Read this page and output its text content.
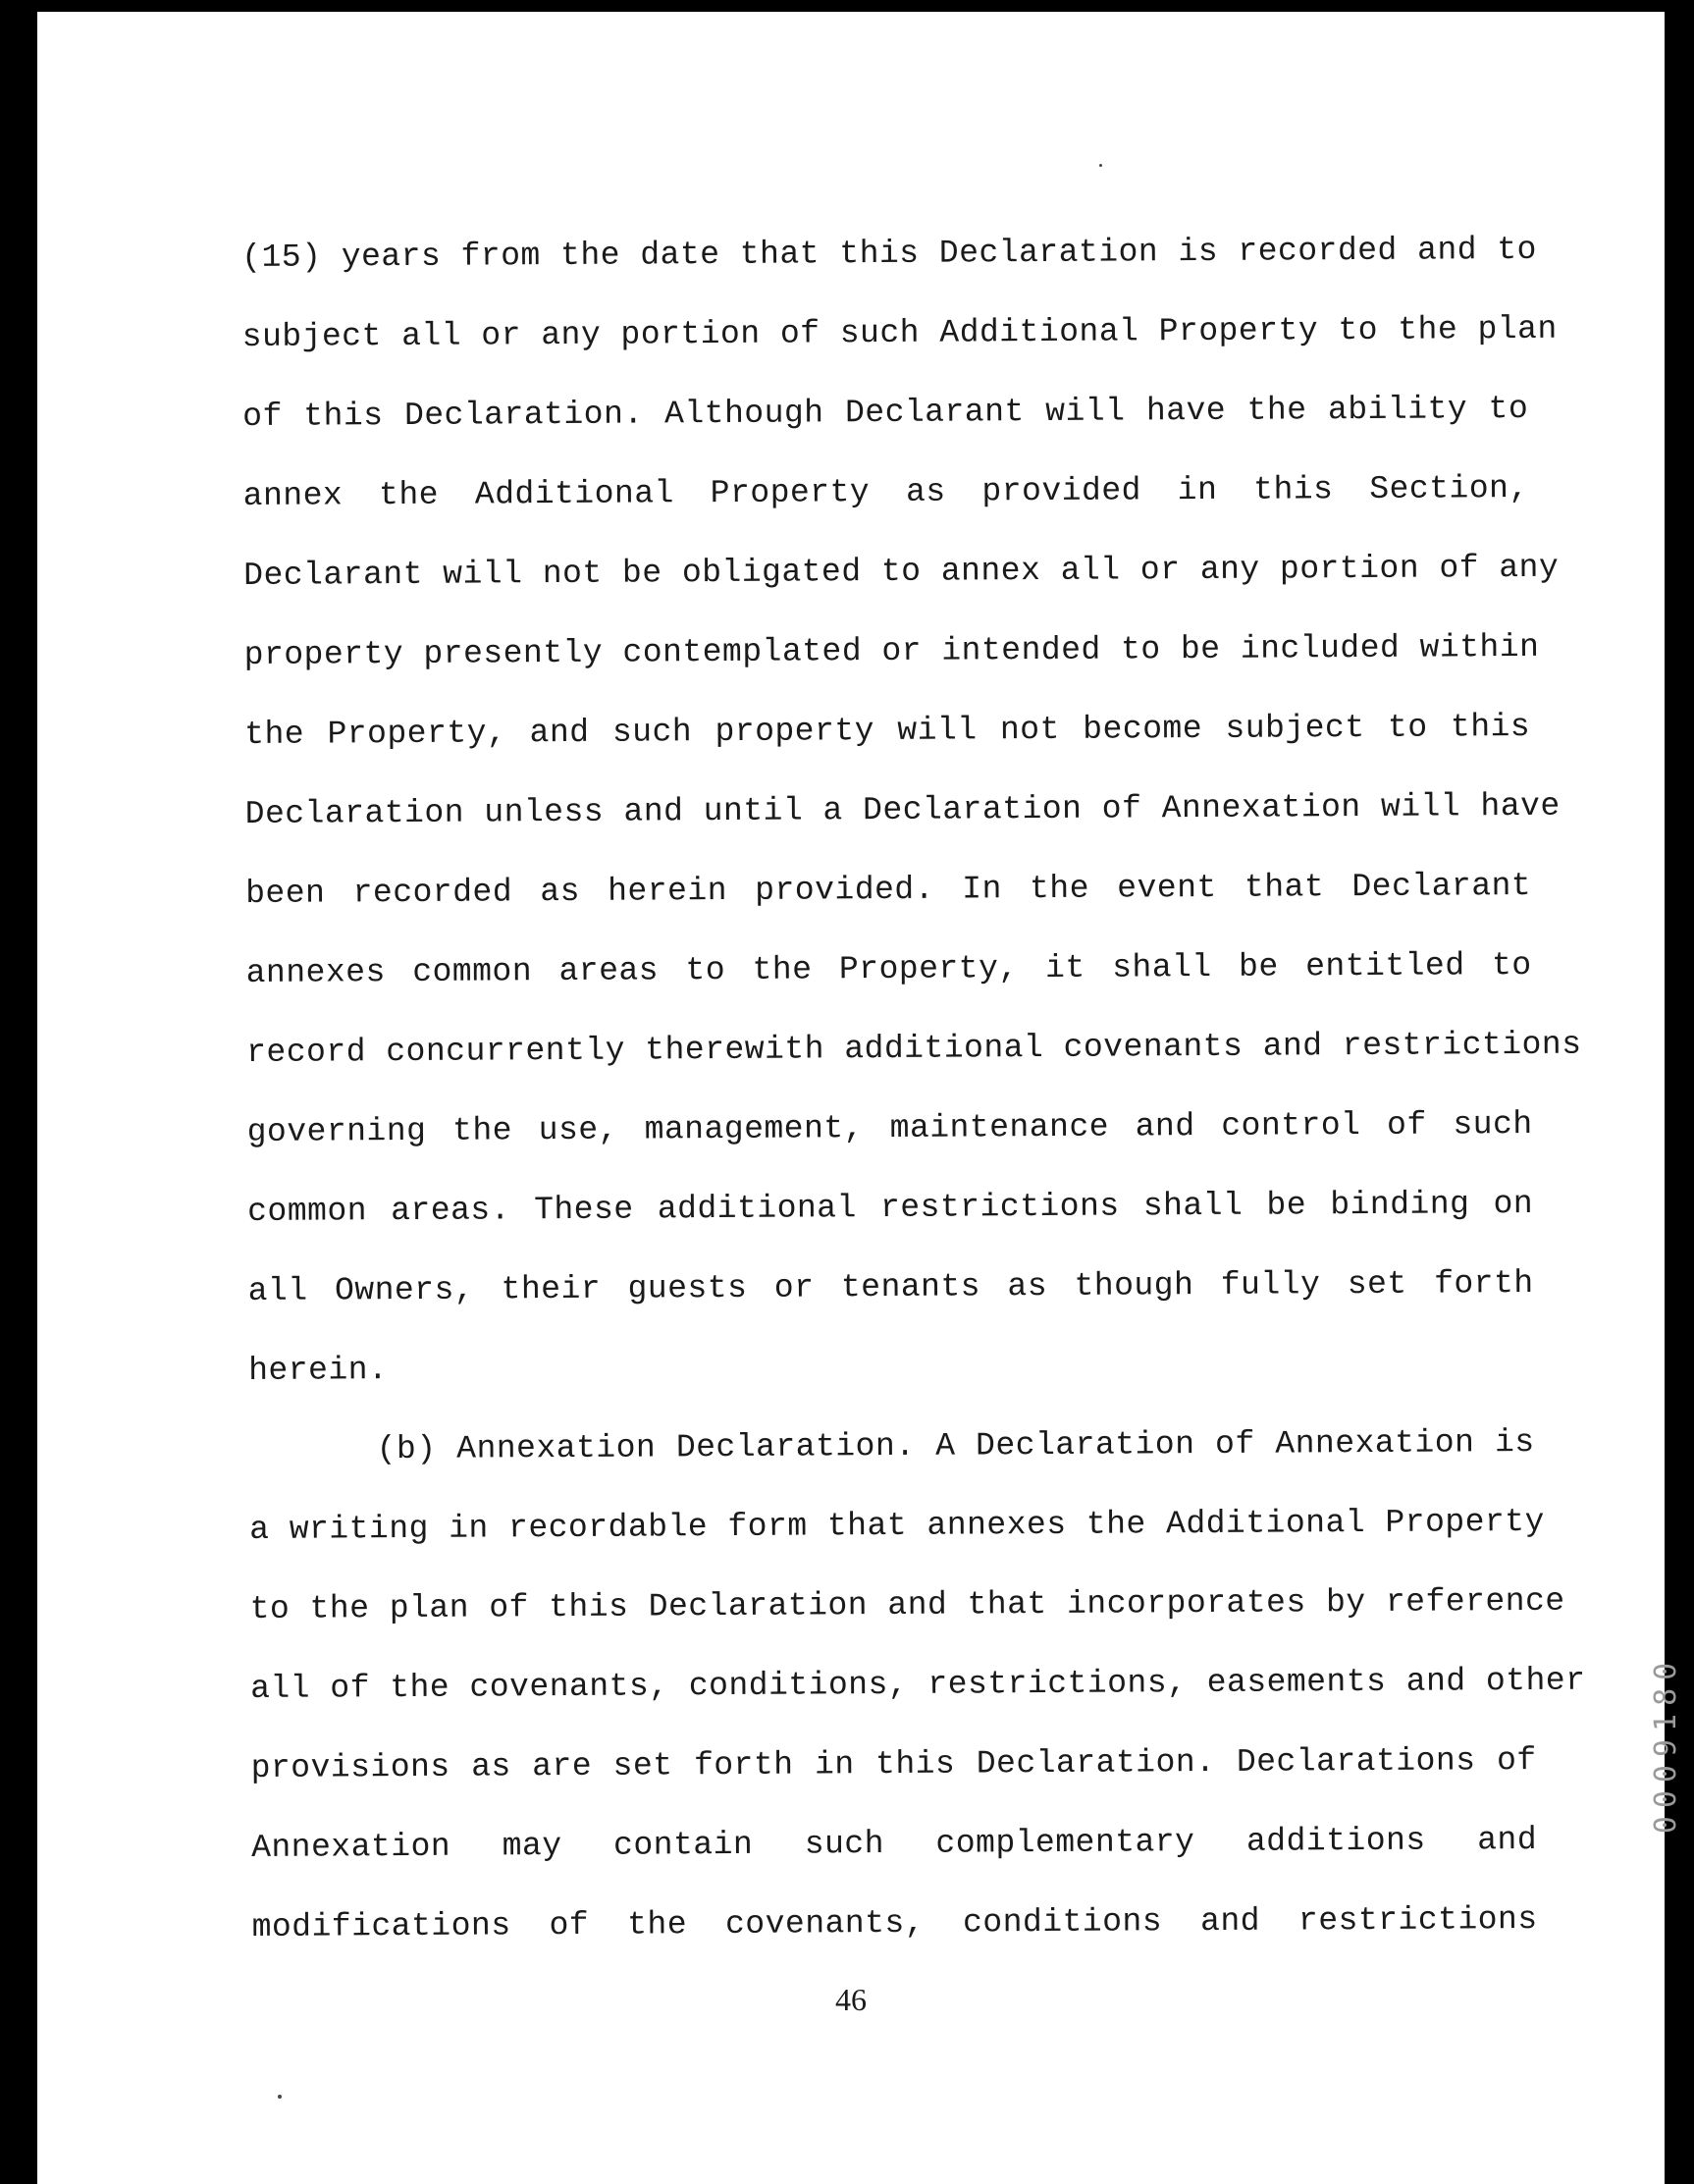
(15) years from the date that this Declaration is recorded and to
subject all or any portion of such Additional Property to the plan
of this Declaration. Although Declarant will have the ability to
annex the Additional Property as provided in this Section,
Declarant will not be obligated to annex all or any portion of any
property presently contemplated or intended to be included within
the Property, and such property will not become subject to this
Declaration unless and until a Declaration of Annexation will have
been recorded as herein provided. In the event that Declarant
annexes common areas to the Property, it shall be entitled to
record concurrently therewith additional covenants and restrictions
governing the use, management, maintenance and control of such
common areas. These additional restrictions shall be binding on
all Owners, their guests or tenants as though fully set forth
herein.
(b) Annexation Declaration. A Declaration of Annexation is
a writing in recordable form that annexes the Additional Property
to the plan of this Declaration and that incorporates by reference
all of the covenants, conditions, restrictions, easements and other
provisions as are set forth in this Declaration. Declarations of
Annexation may contain such complementary additions and
modifications of the covenants, conditions and restrictions
46
0009180
